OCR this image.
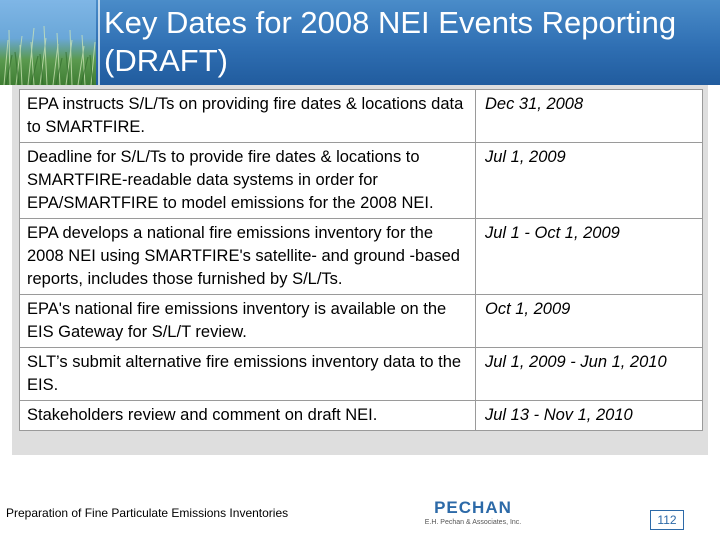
Key Dates for 2008 NEI Events Reporting
(DRAFT)
EPA instructs S/L/Ts on providing fire dates & locations data to SMARTFIRE.	Dec 31, 2008
Deadline for S/L/Ts to provide fire dates & locations to SMARTFIRE-readable data systems in order for EPA/SMARTFIRE to model emissions for the 2008 NEI.	Jul 1, 2009
EPA develops a national fire emissions inventory for the 2008 NEI using SMARTFIRE's satellite- and ground -based reports, includes those furnished by S/L/Ts.	Jul 1 - Oct 1, 2009
EPA's national fire emissions inventory is available on the EIS Gateway for S/L/T review.	Oct 1, 2009
SLT’s submit alternative fire emissions inventory data to the EIS.	Jul 1, 2009 - Jun 1, 2010
Stakeholders review and comment on draft NEI.	Jul 13 - Nov 1, 2010
Preparation of Fine Particulate Emissions Inventories	PECHAN
E.H. Pechan & Associates, Inc.	112
